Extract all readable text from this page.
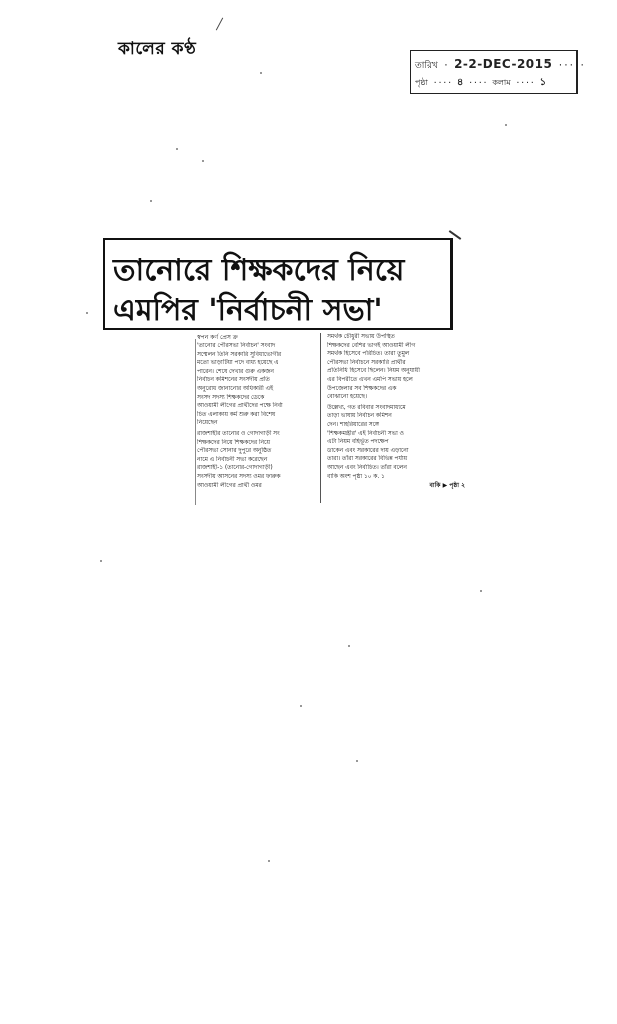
কালের কণ্ঠ
তারিখ · 2-2-DEC-2015 ·····
পৃষ্ঠা ···· ৪ ···· কলাম ···· ১
তানোরে শিক্ষকদের নিয়ে
এমপির 'নির্বাচনী সভা'
স্বপন কর্ণ প্রেস ক্র
'তানোর পৌরসভা নির্বাচন' সংবাদ
সম্মেলন তিনি সরকারি সুবিধাভোগীর
মতো ভাড়াটিয়া পদে বাধ্য হয়েছে এ
পারেন। শেষে দেখার গুরু একজন
নির্বাচন কমিশনের সংসদীয় প্রতি
অনুরোধ জানানোর অধিকারী এই
সংসদ সদস্য শিক্ষকদের ডেকে
আওয়ামী লীগের প্রার্থীদের পক্ষে নির্বা
চিত এলাকায় কর্ম শুরু করা বিশেষ
নিয়েছেন
রাজশাহীর তানোর ও গোদাগাড়ী সং
শিক্ষকদের নিয়ে শিক্ষকদের নিয়ে
পৌরসভা সোনার দুপুরে অনুষ্ঠিত
নামে এ নির্বাচনী সভা করেছেন
রাজশাহী-১ (তানোর-গোদাগাড়ী)
সংসদীয় আসনের সদস্য ওমর ফারুক
আওয়ামী লীগের প্রার্থী ওমর
সমর্থক চৌধুরী সভায় উপস্থিত
শিক্ষকদের বেশির ভাগই আওয়ামী লীগ
সমর্থক হিসেবে পরিচিত। তারা তুমুল
পৌরসভা নির্বাচনে সরকারি প্রার্থীর
প্রতিনিধি হিসেবে ছিলেন। নিয়ম অনুযায়ী
এর বিপরীতে এখন এমপি সভায় হলে
উপজেলার সব শিক্ষকদের এক
বোঝানো হয়েছে।
উল্লেখ্য, গত রবিবার সংবাদমাধ্যমে
তাড়া ভাষায় নির্বাচন কমিশন
দেন। শাহরিয়ারের সঙ্গে
'শিক্ষকমন্ত্রীর' এই নির্বাচনী সভা ও
এটা নিয়ম বহির্ভূত পদক্ষেপ
ডাকেন এবং সরকারের দায় এড়ানো
তারা। তাঁরা সরকারের বিভিন্ন পর্যায়
আছেন এবং নির্বাচিত। তাঁরা বলেন
বাকি অংশ পৃষ্ঠা ১০ ক. ১
বাকি ▶ পৃষ্ঠা ২
